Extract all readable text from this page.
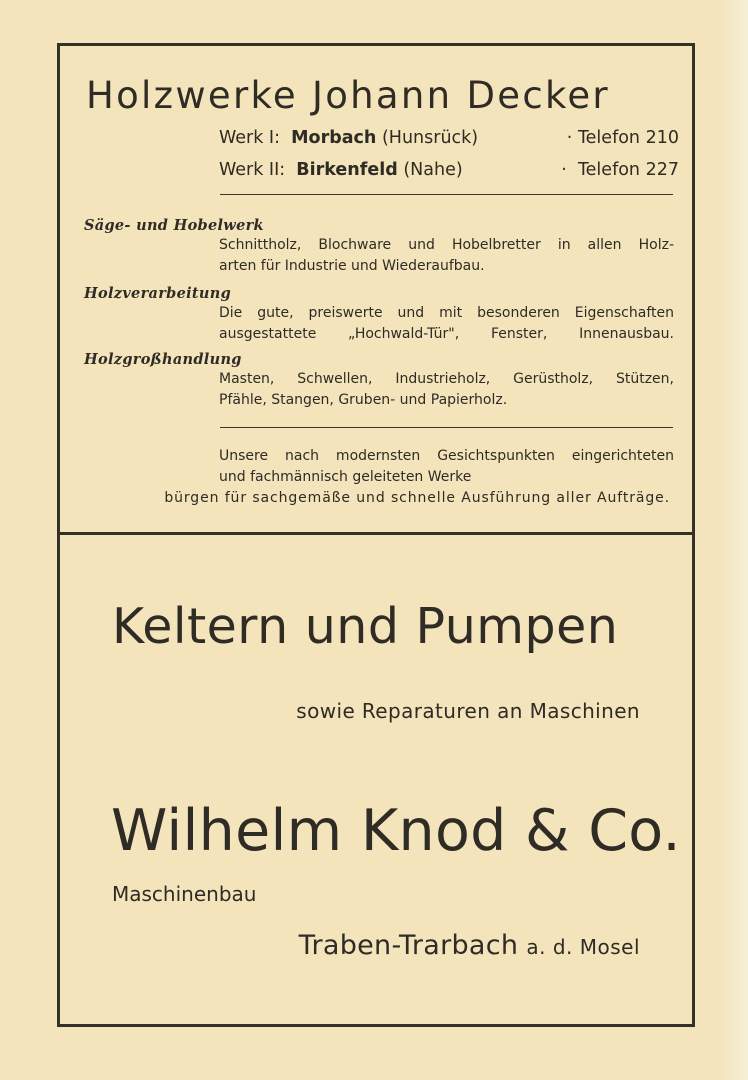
Holzwerke Johann Decker
Werk I: Morbach (Hunsrück)	· Telefon 210
Werk II: Birkenfeld (Nahe)	· Telefon 227
Säge- und Hobelwerk
Schnittholz, Blochware und Hobelbretter in allen Holz-
arten für Industrie und Wiederaufbau.
Holzverarbeitung
Die gute, preiswerte und mit besonderen Eigenschaften
ausgestattete „Hochwald-Tür", Fenster, Innenausbau.
Holzgroßhandlung
Masten, Schwellen, Industrieholz, Gerüstholz, Stützen,
Pfähle, Stangen, Gruben- und Papierholz.
Unsere nach modernsten Gesichtspunkten eingerichteten
und fachmännisch geleiteten Werke
bürgen für sachgemäße und schnelle Ausführung aller Aufträge.
Keltern und Pumpen
sowie Reparaturen an Maschinen
Wilhelm Knod & Co.
Maschinenbau
Traben-Trarbach a. d. Mosel
